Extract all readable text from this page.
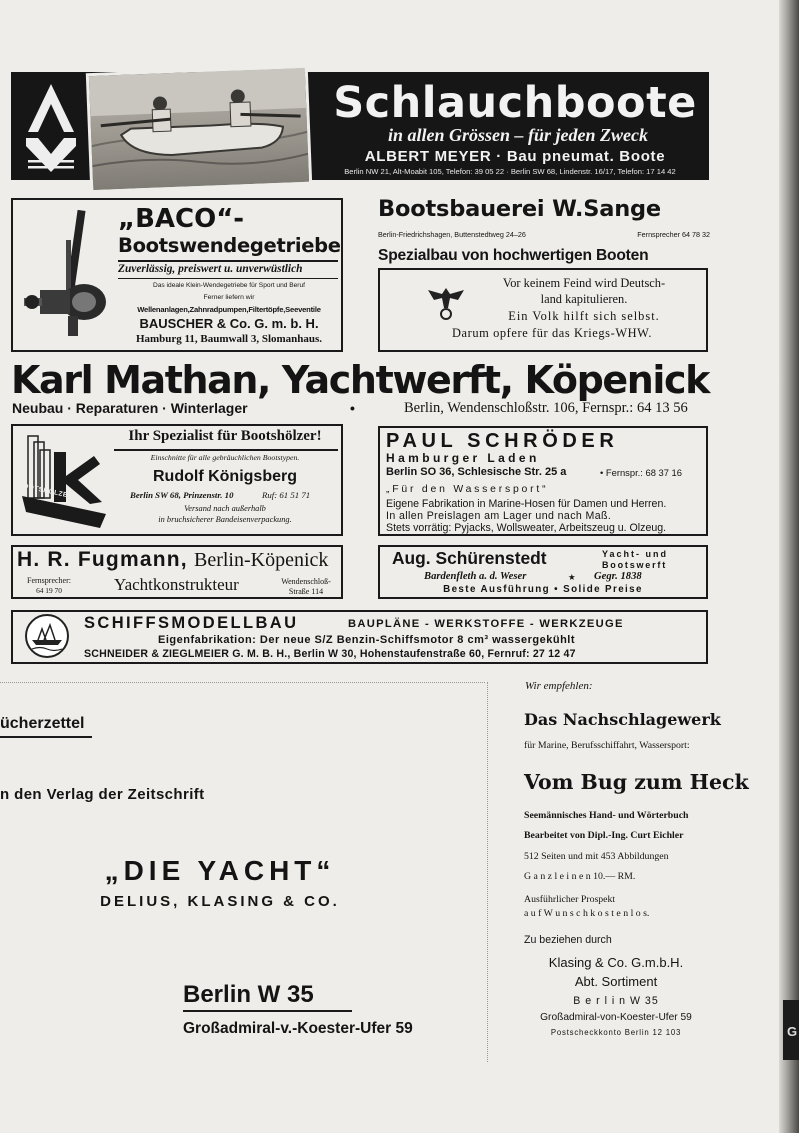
G
Schlauchboote
in allen Grössen – für jeden Zweck
ALBERT MEYER · Bau pneumat. Boote
Berlin NW 21, Alt-Moabit 105, Telefon: 39 05 22 · Berlin SW 68, Lindenstr. 16/17, Telefon: 17 14 42
„BACO“-
Bootswendegetriebe
Zuverlässig, preiswert u. unverwüstlich
Das ideale Klein-Wendegetriebe für Sport und Beruf
Ferner liefern wir
Wellenanlagen,Zahnradpumpen,Filtertöpfe,Seeventile
BAUSCHER & Co. G. m. b. H.
Hamburg 11, Baumwall 3, Slomanhaus.
Bootsbauerei W.Sange
Berlin-Friedrichshagen, Buttenstedtweg 24–26	Fernsprecher 64 78 32
Spezialbau von hochwertigen Booten
Vor keinem Feind wird Deutsch-
land kapitulieren.
Ein Volk hilft sich selbst.
Darum opfere für das Kriegs-WHW.
Karl Mathan, Yachtwerft, Köpenick
Neubau · Reparaturen · Winterlager	•	Berlin, Wendenschloßstr. 106, Fernspr.: 64 13 56
BOOTSHÖLZER
Ihr Spezialist für Bootshölzer!
Einschnitte für alle gebräuchlichen Bootstypen.
Rudolf Königsberg
Berlin SW 68, Prinzenstr. 10	Ruf: 61 51 71
Versand nach außerhalb
in bruchsicherer Bandeisenverpackung.
PAUL SCHRÖDER
Hamburger Laden
Berlin SO 36, Schlesische Str. 25 a	• Fernspr.: 68 37 16
„Für den Wassersport“
Eigene Fabrikation in Marine-Hosen für Damen und Herren.
In allen Preislagen am Lager und nach Maß.
Stets vorrätig: Pyjacks, Wollsweater, Arbeitszeug u. Olzeug.
H. R. Fugmann, Berlin-Köpenick
Fernsprecher:
64 19 70	Yachtkonstrukteur	Wendenschloß-
Straße 114
Aug. Schürenstedt	Yacht- und
Bootswerft
Bardenfleth a. d. Weser	★	Gegr. 1838
Beste Ausführung • Solide Preise
SCHIFFSMODELLBAU	BAUPLÄNE - WERKSTOFFE - WERKZEUGE
Eigenfabrikation: Der neue S/Z Benzin-Schiffsmotor 8 cm³ wassergekühlt
SCHNEIDER & ZIEGLMEIER G. M. B. H., Berlin W 30, Hohenstaufenstraße 60, Fernruf: 27 12 47
ücherzettel
n den Verlag der Zeitschrift
„DIE YACHT“
DELIUS, KLASING & CO.
Berlin W 35
Großadmiral-v.-Koester-Ufer 59
Wir empfehlen:
Das Nachschlagewerk
für Marine, Berufsschiffahrt, Wassersport:
Vom Bug zum Heck
Seemännisches Hand- und Wörterbuch
Bearbeitet von Dipl.-Ing. Curt Eichler
512 Seiten und mit 453 Abbildungen
G a n z l e i n e n 10.— RM.
Ausführlicher Prospekt
a u f W u n s c h k o s t e n l o s.
Zu beziehen durch
Klasing & Co. G.m.b.H.
Abt. Sortiment
B e r l i n W 35
Großadmiral-von-Koester-Ufer 59
Postscheckkonto Berlin 12 103
